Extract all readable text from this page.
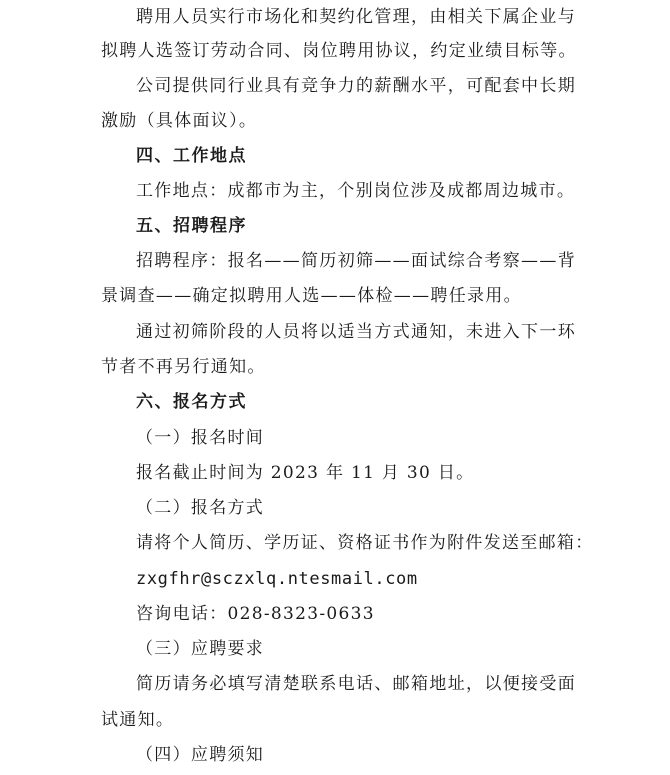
聘用人员实行市场化和契约化管理，由相关下属企业与
拟聘人选签订劳动合同、岗位聘用协议，约定业绩目标等。
公司提供同行业具有竞争力的薪酬水平，可配套中长期
激励（具体面议）。
四、工作地点
工作地点：成都市为主，个别岗位涉及成都周边城市。
五、招聘程序
招聘程序：报名——简历初筛——面试综合考察——背
景调查——确定拟聘用人选——体检——聘任录用。
通过初筛阶段的人员将以适当方式通知，未进入下一环
节者不再另行通知。
六、报名方式
（一）报名时间
报名截止时间为 2023 年 11 月 30 日。
（二）报名方式
请将个人简历、学历证、资格证书作为附件发送至邮箱：
zxgfhr@sczxlq.ntesmail.com
咨询电话：028-8323-0633
（三）应聘要求
简历请务必填写清楚联系电话、邮箱地址，以便接受面
试通知。
（四）应聘须知
